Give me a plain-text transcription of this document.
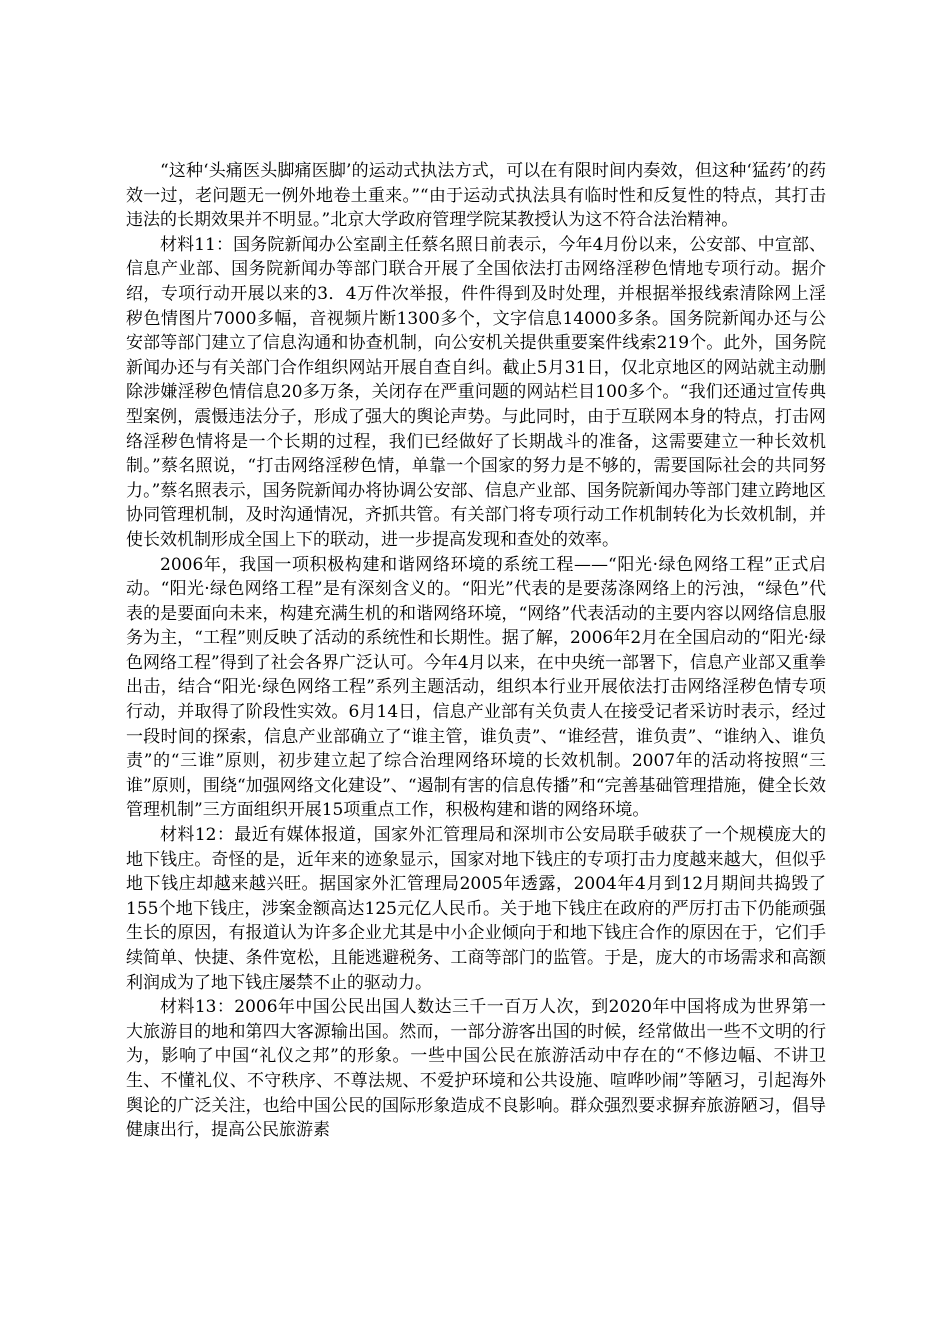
“这种‘头痛医头脚痛医脚’的运动式执法方式，可以在有限时间内奏效，但这种‘猛药’的药效一过，老问题无一例外地卷土重来。”“由于运动式执法具有临时性和反复性的特点，其打击违法的长期效果并不明显。”北京大学政府管理学院某教授认为这不符合法治精神。

材料11：国务院新闻办公室副主任蔡名照日前表示，今年4月份以来，公安部、中宣部、信息产业部、国务院新闻办等部门联合开展了全国依法打击网络淫秽色情地专项行动。据介绍，专项行动开展以来的3．4万件次举报，件件得到及时处理，并根据举报线索清除网上淫秽色情图片7000多幅，音视频片断1300多个，文字信息14000多条。国务院新闻办还与公安部等部门建立了信息沟通和协查机制，向公安机关提供重要案件线索219个。此外，国务院新闻办还与有关部门合作组织网站开展自查自纠。截止5月31日，仅北京地区的网站就主动删除涉嫌淫秽色情信息20多万条，关闭存在严重问题的网站栏目100多个。“我们还通过宣传典型案例，震慑违法分子，形成了强大的舆论声势。与此同时，由于互联网本身的特点，打击网络淫秽色情将是一个长期的过程，我们已经做好了长期战斗的准备，这需要建立一种长效机制。”蔡名照说，“打击网络淫秽色情，单靠一个国家的努力是不够的，需要国际社会的共同努力。”蔡名照表示，国务院新闻办将协调公安部、信息产业部、国务院新闻办等部门建立跨地区协同管理机制，及时沟通情况，齐抓共管。有关部门将专项行动工作机制转化为长效机制，并使长效机制形成全国上下的联动，进一步提高发现和查处的效率。

2006年，我国一项积极构建和谐网络环境的系统工程——“阳光·绿色网络工程”正式启动。“阳光·绿色网络工程”是有深刻含义的。“阳光”代表的是要荡涤网络上的污浊，“绿色”代表的是要面向未来，构建充满生机的和谐网络环境，“网络”代表活动的主要内容以网络信息服务为主，“工程”则反映了活动的系统性和长期性。据了解，2006年2月在全国启动的“阳光·绿色网络工程”得到了社会各界广泛认可。今年4月以来，在中央统一部署下，信息产业部又重拳出击，结合“阳光·绿色网络工程”系列主题活动，组织本行业开展依法打击网络淫秽色情专项行动，并取得了阶段性实效。6月14日，信息产业部有关负责人在接受记者采访时表示，经过一段时间的探索，信息产业部确立了“谁主管，谁负责”、“谁经营，谁负责”、“谁纳入、谁负责”的“三谁”原则，初步建立起了综合治理网络环境的长效机制。2007年的活动将按照“三谁”原则，围绕“加强网络文化建设”、“遏制有害的信息传播”和“完善基础管理措施，健全长效管理机制”三方面组织开展15项重点工作，积极构建和谐的网络环境。

材料12：最近有媒体报道，国家外汇管理局和深圳市公安局联手破获了一个规模庞大的地下钱庄。奇怪的是，近年来的迹象显示，国家对地下钱庄的专项打击力度越来越大，但似乎地下钱庄却越来越兴旺。据国家外汇管理局2005年透露，2004年4月到12月期间共捣毁了155个地下钱庄，涉案金额高达125元亿人民币。关于地下钱庄在政府的严厉打击下仍能顽强生长的原因，有报道认为许多企业尤其是中小企业倾向于和地下钱庄合作的原因在于，它们手续简单、快捷、条件宽松，且能逃避税务、工商等部门的监管。于是，庞大的市场需求和高额利润成为了地下钱庄屡禁不止的驱动力。

材料13：2006年中国公民出国人数达三千一百万人次，到2020年中国将成为世界第一大旅游目的地和第四大客源输出国。然而，一部分游客出国的时候，经常做出一些不文明的行为，影响了中国“礼仪之邦”的形象。一些中国公民在旅游活动中存在的“不修边幅、不讲卫生、不懂礼仪、不守秩序、不尊法规、不爱护环境和公共设施、喧哗吵闹”等陋习，引起海外舆论的广泛关注，也给中国公民的国际形象造成不良影响。群众强烈要求摒弃旅游陋习，倡导健康出行，提高公民旅游素
